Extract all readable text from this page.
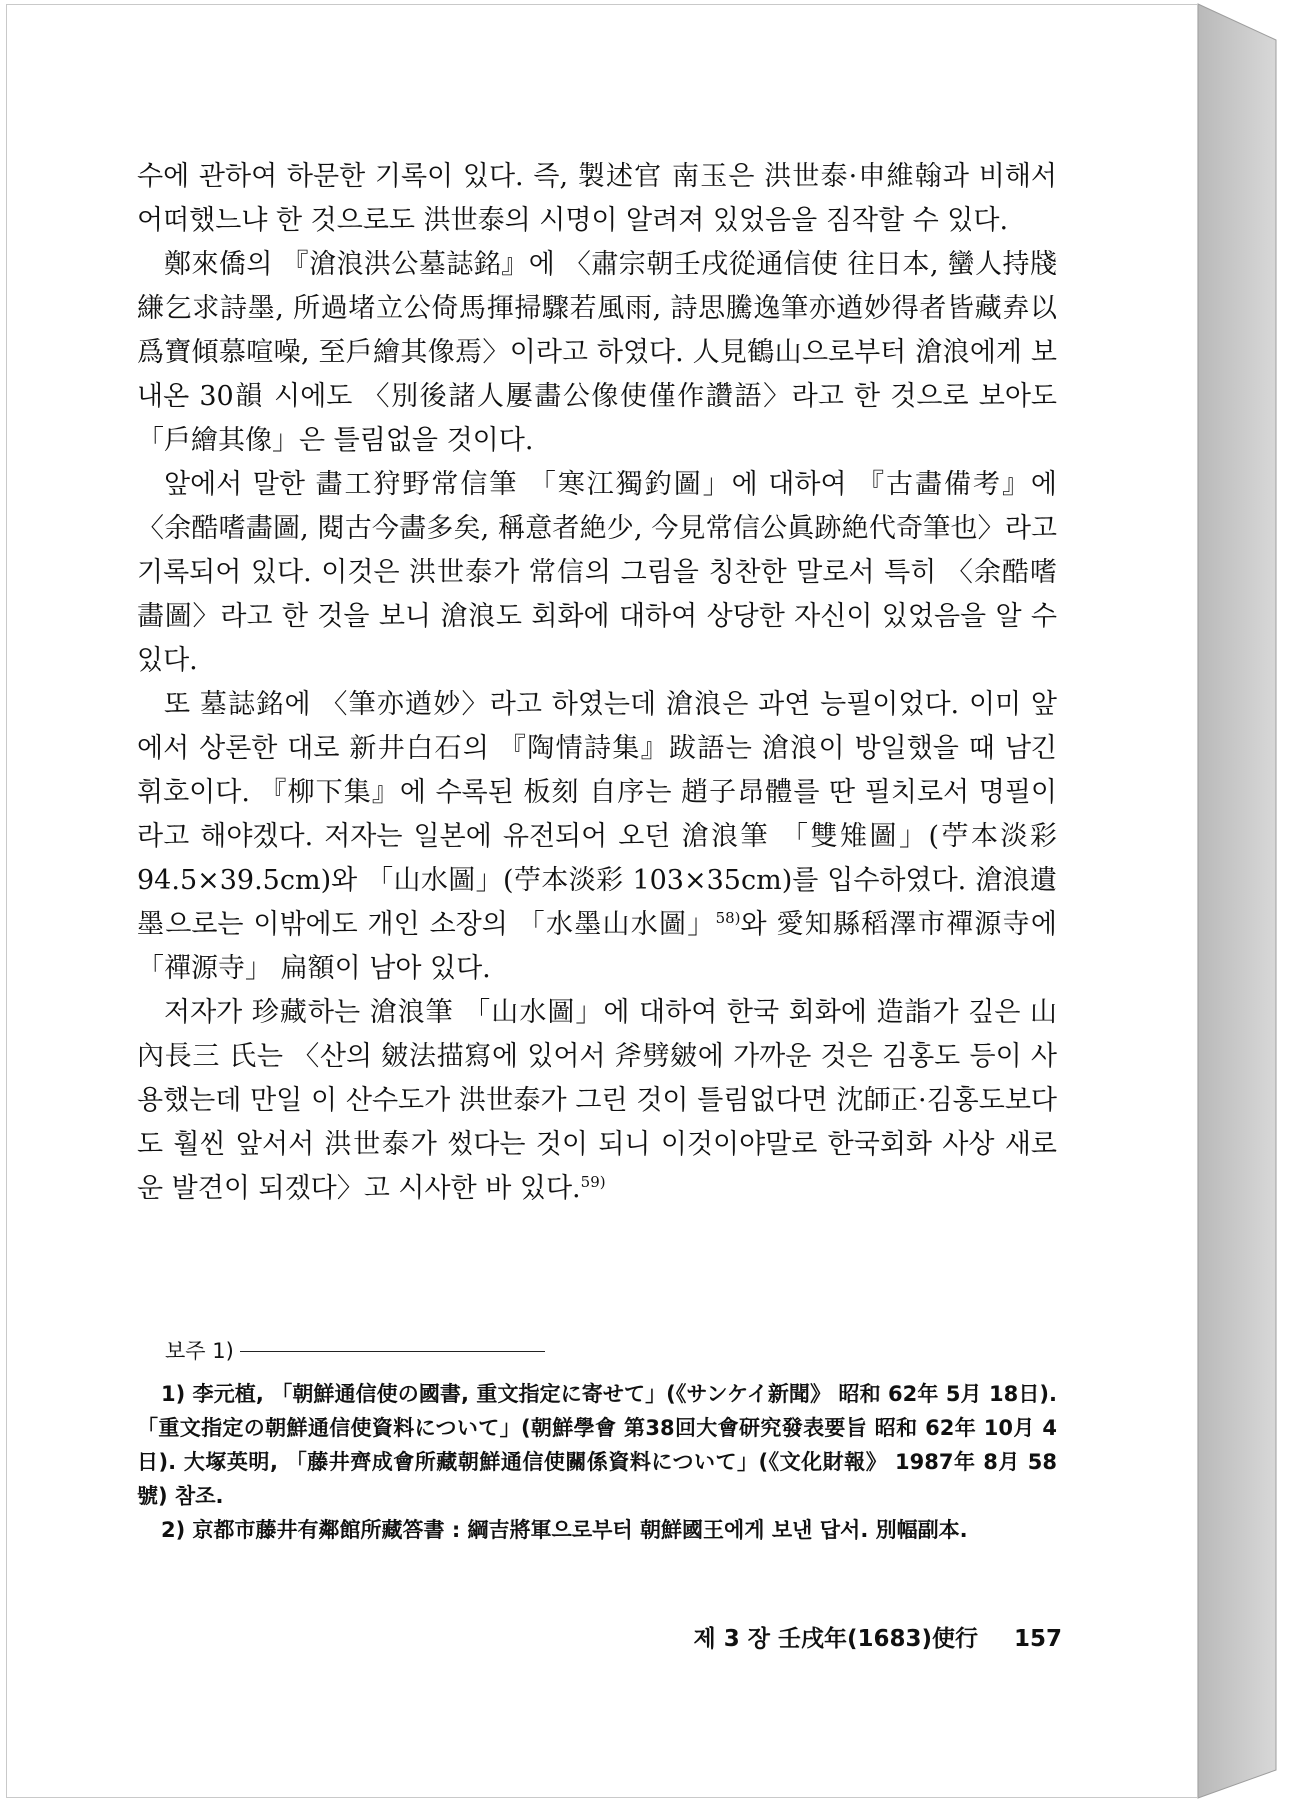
수에 관하여 하문한 기록이 있다. 즉, 製述官 南玉은 洪世泰·申維翰과 비해서 어떠했느냐 한 것으로도 洪世泰의 시명이 알려져 있었음을 짐작할 수 있다.

鄭來僑의 『滄浪洪公墓誌銘』에 〈肅宗朝壬戌從通信使 往日本, 蠻人持牋縑乞求詩墨, 所過堵立公倚馬揮掃驟若風雨, 詩思騰逸筆亦遒妙得者皆藏弆以爲寶傾慕喧噪, 至戶繪其像焉〉이라고 하였다. 人見鶴山으로부터 滄浪에게 보내온 30韻 시에도 〈別後諸人屢畵公像使僅作讚語〉라고 한 것으로 보아도 「戶繪其像」은 틀림없을 것이다.

앞에서 말한 畵工狩野常信筆 「寒江獨釣圖」에 대하여 『古畵備考』에 〈余酷嗜畵圖, 閱古今畵多矣, 稱意者絶少, 今見常信公眞跡絶代奇筆也〉라고 기록되어 있다. 이것은 洪世泰가 常信의 그림을 칭찬한 말로서 특히 〈余酷嗜畵圖〉라고 한 것을 보니 滄浪도 회화에 대하여 상당한 자신이 있었음을 알 수 있다.

또 墓誌銘에 〈筆亦遒妙〉라고 하였는데 滄浪은 과연 능필이었다. 이미 앞에서 상론한 대로 新井白石의 『陶情詩集』跋語는 滄浪이 방일했을 때 남긴 휘호이다. 『柳下集』에 수록된 板刻 自序는 趙子昂體를 딴 필치로서 명필이라고 해야겠다. 저자는 일본에 유전되어 오던 滄浪筆 「雙雉圖」(苧本淡彩 94.5×39.5cm)와 「山水圖」(苧本淡彩 103×35cm)를 입수하였다. 滄浪遺墨으로는 이밖에도 개인 소장의 「水墨山水圖」$^{58)}$와 愛知縣稻澤市禪源寺에 「禪源寺」 扁額이 남아 있다.

저자가 珍藏하는 滄浪筆 「山水圖」에 대하여 한국 회화에 造詣가 깊은 山內長三 氏는 〈산의 皴法描寫에 있어서 斧劈皴에 가까운 것은 김홍도 등이 사용했는데 만일 이 산수도가 洪世泰가 그린 것이 틀림없다면 沈師正·김홍도보다도 훨씬 앞서서 洪世泰가 썼다는 것이 되니 이것이야말로 한국회화 사상 새로운 발견이 되겠다〉고 시사한 바 있다.$^{59)}$

보주 1)

1) 李元植, 「朝鮮通信使の國書, 重文指定に寄せて」(《サンケイ新聞》 昭和 62年 5月 18日). 「重文指定の朝鮮通信使資料について」(朝鮮學會 第38回大會研究發表要旨 昭和 62年 10月 4日). 大塚英明, 「藤井齊成會所藏朝鮮通信使關係資料について」(《文化財報》 1987年 8月 58號) 참조.

2) 京都市藤井有鄰館所藏答書 : 綱吉將軍으로부터 朝鮮國王에게 보낸 답서. 別幅副本.

제 3 장 壬戌年(1683)使行 157
